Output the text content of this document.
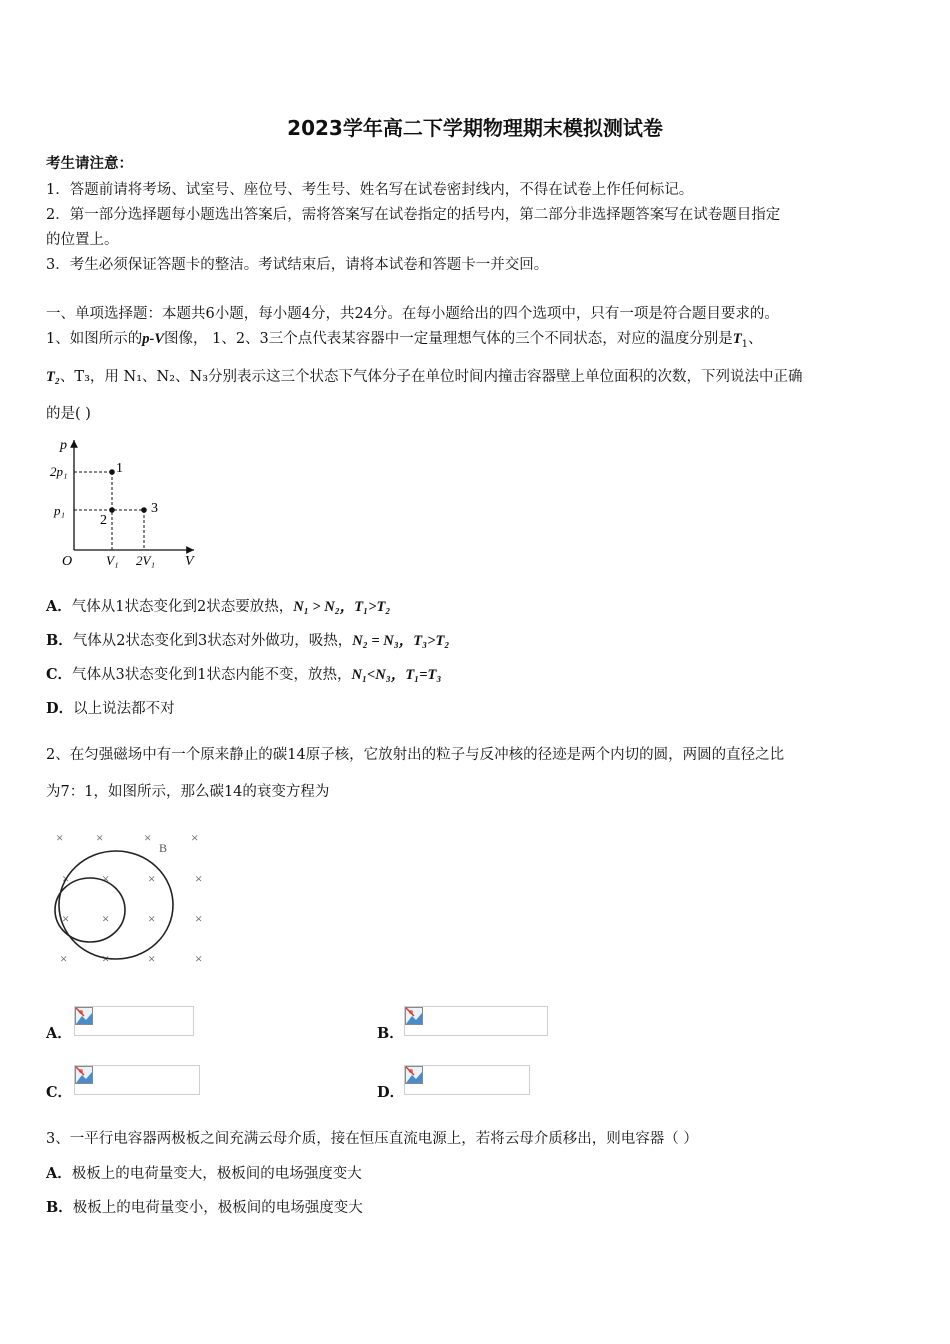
2023学年高二下学期物理期末模拟测试卷
考生请注意：
1．答题前请将考场、试室号、座位号、考生号、姓名写在试卷密封线内，不得在试卷上作任何标记。
2．第一部分选择题每小题选出答案后，需将答案写在试卷指定的括号内，第二部分非选择题答案写在试卷题目指定
的位置上。
3．考生必须保证答题卡的整洁。考试结束后，请将本试卷和答题卡一并交回。
一、单项选择题：本题共6小题，每小题4分，共24分。在每小题给出的四个选项中，只有一项是符合题目要求的。
1、如图所示的p-V图像， 1、2、3三个点代表某容器中一定量理想气体的三个不同状态，对应的温度分别是$T_1$、
T₂、T₃，用 N₁、N₂、N₃分别表示这三个状态下气体分子在单位时间内撞击容器壁上单位面积的次数，下列说法中正确
的是( )
p
V
O
2p₁
p₁
V₁ 2V₁
1
2
3
A．气体从1状态变化到2状态要放热，N₁ > N₂，T₁>T₂
B．气体从2状态变化到3状态对外做功，吸热，N₂ = N₃，T₃>T₂
C．气体从3状态变化到1状态内能不变，放热，N₁<N₃，T₁=T₃
D．以上说法都不对
2、在匀强磁场中有一个原来静止的碳14原子核，它放射出的粒子与反冲核的径迹是两个内切的圆，两圆的直径之比
为7：1，如图所示，那么碳14的衰变方程为
×	×	×	×
×	×	×	×
×	×	×	×
×	×	×	×
B
A．	B．
C．	D．
3、一平行电容器两极板之间充满云母介质，接在恒压直流电源上，若将云母介质移出，则电容器（ ）
A．极板上的电荷量变大，极板间的电场强度变大
B．极板上的电荷量变小，极板间的电场强度变大
